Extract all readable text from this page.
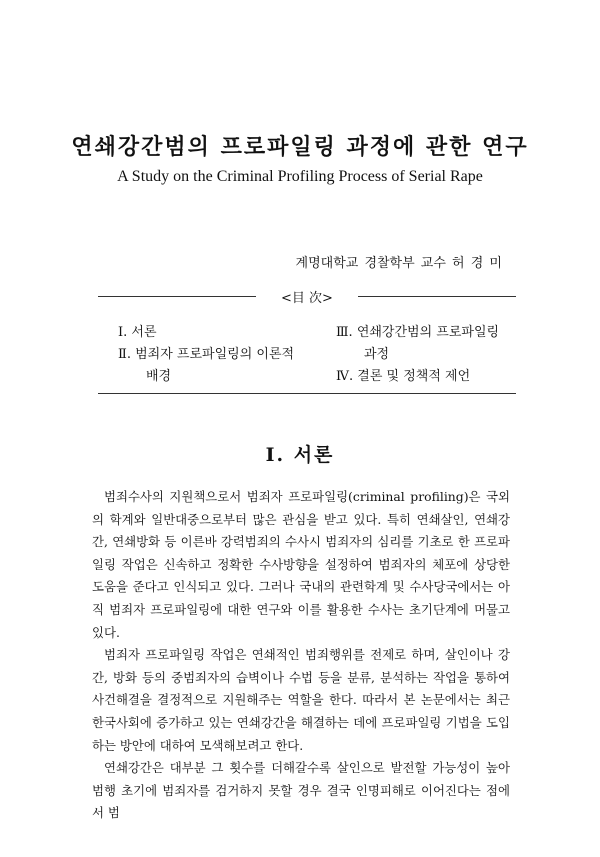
연쇄강간범의 프로파일링 과정에 관한 연구
A Study on the Criminal Profiling Process of Serial Rape
계명대학교 경찰학부 교수 허 경 미
<目 次>
Ⅰ. 서론
Ⅱ. 범죄자 프로파일링의 이론적
배경
Ⅲ. 연쇄강간범의 프로파일링
과정
Ⅳ. 결론 및 정책적 제언
Ⅰ. 서론

범죄수사의 지원책으로서 범죄자 프로파일링(criminal profiling)은 국외의 학계와 일반대중으로부터 많은 관심을 받고 있다. 특히 연쇄살인, 연쇄강간, 연쇄방화 등 이른바 강력범죄의 수사시 범죄자의 심리를 기초로 한 프로파일링 작업은 신속하고 정확한 수사방향을 설정하여 범죄자의 체포에 상당한 도움을 준다고 인식되고 있다. 그러나 국내의 관련학계 및 수사당국에서는 아직 범죄자 프로파일링에 대한 연구와 이를 활용한 수사는 초기단계에 머물고 있다.

범죄자 프로파일링 작업은 연쇄적인 범죄행위를 전제로 하며, 살인이나 강간, 방화 등의 중범죄자의 습벽이나 수법 등을 분류, 분석하는 작업을 통하여 사건해결을 결정적으로 지원해주는 역할을 한다. 따라서 본 논문에서는 최근 한국사회에 증가하고 있는 연쇄강간을 해결하는 데에 프로파일링 기법을 도입하는 방안에 대하여 모색해보려고 한다.

연쇄강간은 대부분 그 횟수를 더해갈수록 살인으로 발전할 가능성이 높아 범행 초기에 범죄자를 검거하지 못할 경우 결국 인명피해로 이어진다는 점에서 범
